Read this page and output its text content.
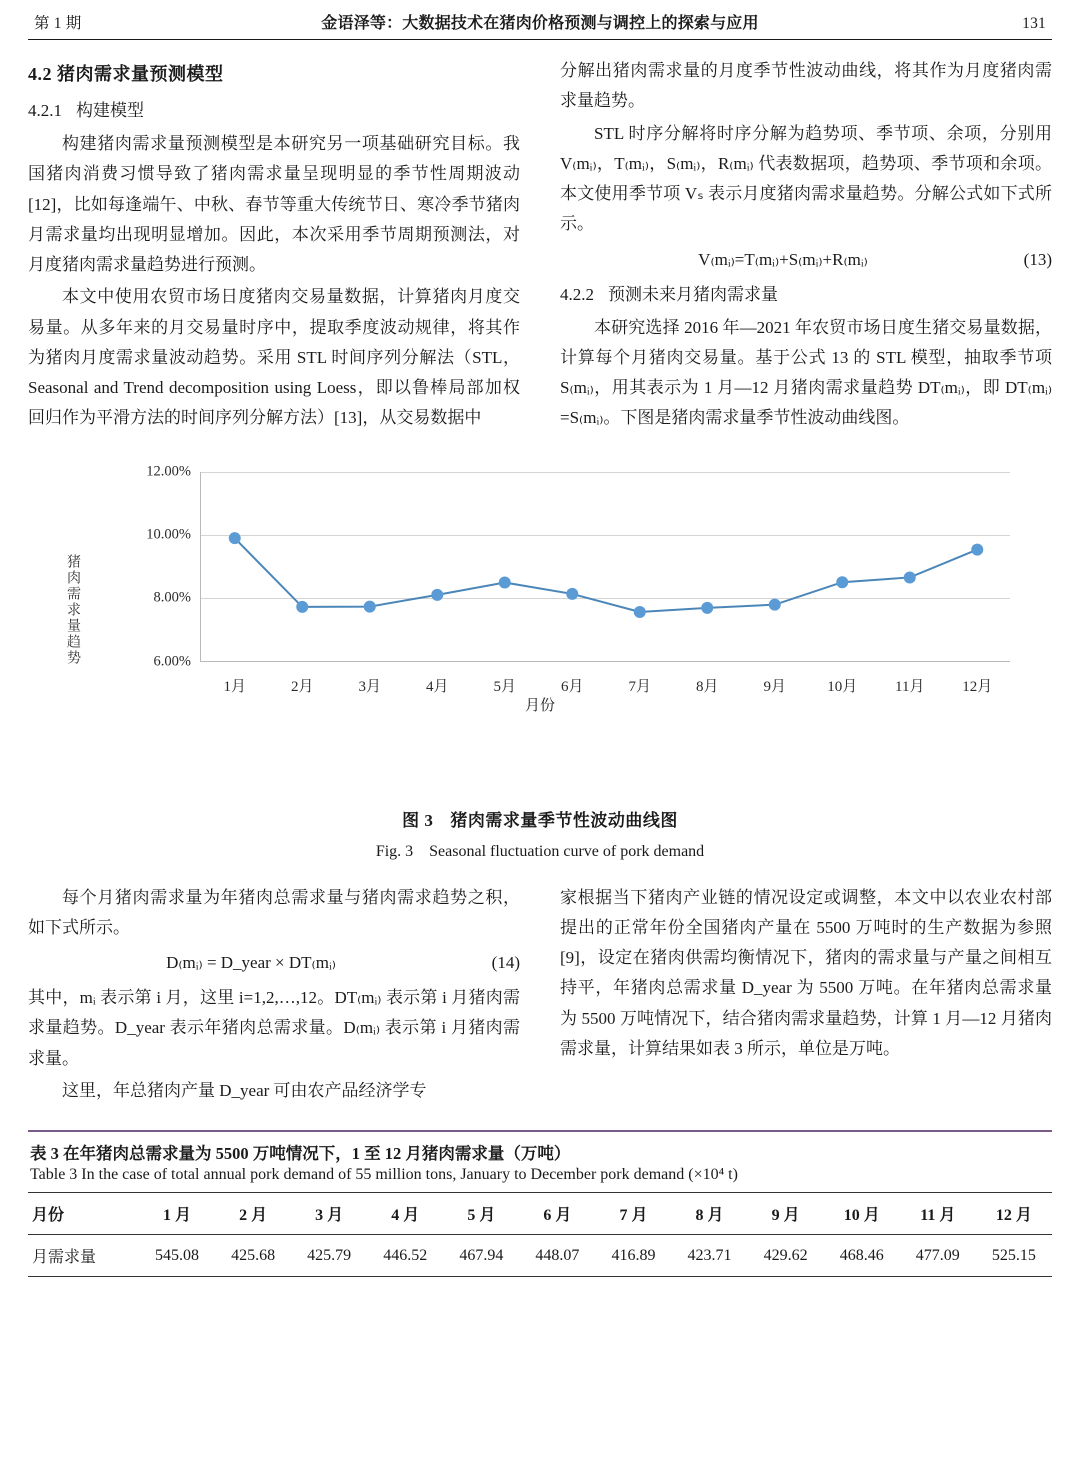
第 1 期	金语泽等：大数据技术在猪肉价格预测与调控上的探索与应用	131
4.2 猪肉需求量预测模型
4.2.1 构建模型

构建猪肉需求量预测模型是本研究另一项基础研究目标。我国猪肉消费习惯导致了猪肉需求量呈现明显的季节性周期波动[12]，比如每逢端午、中秋、春节等重大传统节日、寒冷季节猪肉月需求量均出现明显增加。因此，本次采用季节周期预测法，对月度猪肉需求量趋势进行预测。

本文中使用农贸市场日度猪肉交易量数据，计算猪肉月度交易量。从多年来的月交易量时序中，提取季度波动规律，将其作为猪肉月度需求量波动趋势。采用 STL 时间序列分解法（STL，Seasonal and Trend decomposition using Loess，即以鲁棒局部加权回归作为平滑方法的时间序列分解方法）[13]，从交易数据中

分解出猪肉需求量的月度季节性波动曲线，将其作为月度猪肉需求量趋势。

STL 时序分解将时序分解为趋势项、季节项、余项，分别用 V₍mᵢ₎，T₍mᵢ₎，S₍mᵢ₎，R₍mᵢ₎ 代表数据项，趋势项、季节项和余项。本文使用季节项 Vₛ 表示月度猪肉需求量趋势。分解公式如下式所示。

V₍mᵢ₎=T₍mᵢ₎+S₍mᵢ₎+R₍mᵢ₎	(13)
4.2.2 预测未来月猪肉需求量

本研究选择 2016 年—2021 年农贸市场日度生猪交易量数据，计算每个月猪肉交易量。基于公式 13 的 STL 模型，抽取季节项 S₍mᵢ₎，用其表示为 1 月—12 月猪肉需求量趋势 DT₍mᵢ₎，即 DT₍mᵢ₎=S₍mᵢ₎。下图是猪肉需求量季节性波动曲线图。

猪肉需求量趋势	6.00%
8.00%
10.00%
12.00%
1月	2月	3月	4月	5月	6月	7月	8月	9月	10月	11月	12月
月份
图 3 猪肉需求量季节性波动曲线图
Fig. 3 Seasonal fluctuation curve of pork demand

每个月猪肉需求量为年猪肉总需求量与猪肉需求趋势之积，如下式所示。

D₍mᵢ₎ = D_year × DT₍mᵢ₎	(14)

其中，mᵢ 表示第 i 月，这里 i=1,2,…,12。DT₍mᵢ₎ 表示第 i 月猪肉需求量趋势。D_year 表示年猪肉总需求量。D₍mᵢ₎ 表示第 i 月猪肉需求量。

这里，年总猪肉产量 D_year 可由农产品经济学专

家根据当下猪肉产业链的情况设定或调整，本文中以农业农村部提出的正常年份全国猪肉产量在 5500 万吨时的生产数据为参照[9]，设定在猪肉供需均衡情况下，猪肉的需求量与产量之间相互持平，年猪肉总需求量 D_year 为 5500 万吨。在年猪肉总需求量为 5500 万吨情况下，结合猪肉需求量趋势，计算 1 月—12 月猪肉需求量，计算结果如表 3 所示，单位是万吨。

表 3 在年猪肉总需求量为 5500 万吨情况下，1 至 12 月猪肉需求量（万吨）
Table 3 In the case of total annual pork demand of 55 million tons, January to December pork demand (×10⁴ t)
月份	1 月	2 月	3 月	4 月	5 月	6 月	7 月	8 月	9 月	10 月	11 月	12 月
月需求量	545.08	425.68	425.79	446.52	467.94	448.07	416.89	423.71	429.62	468.46	477.09	525.15
